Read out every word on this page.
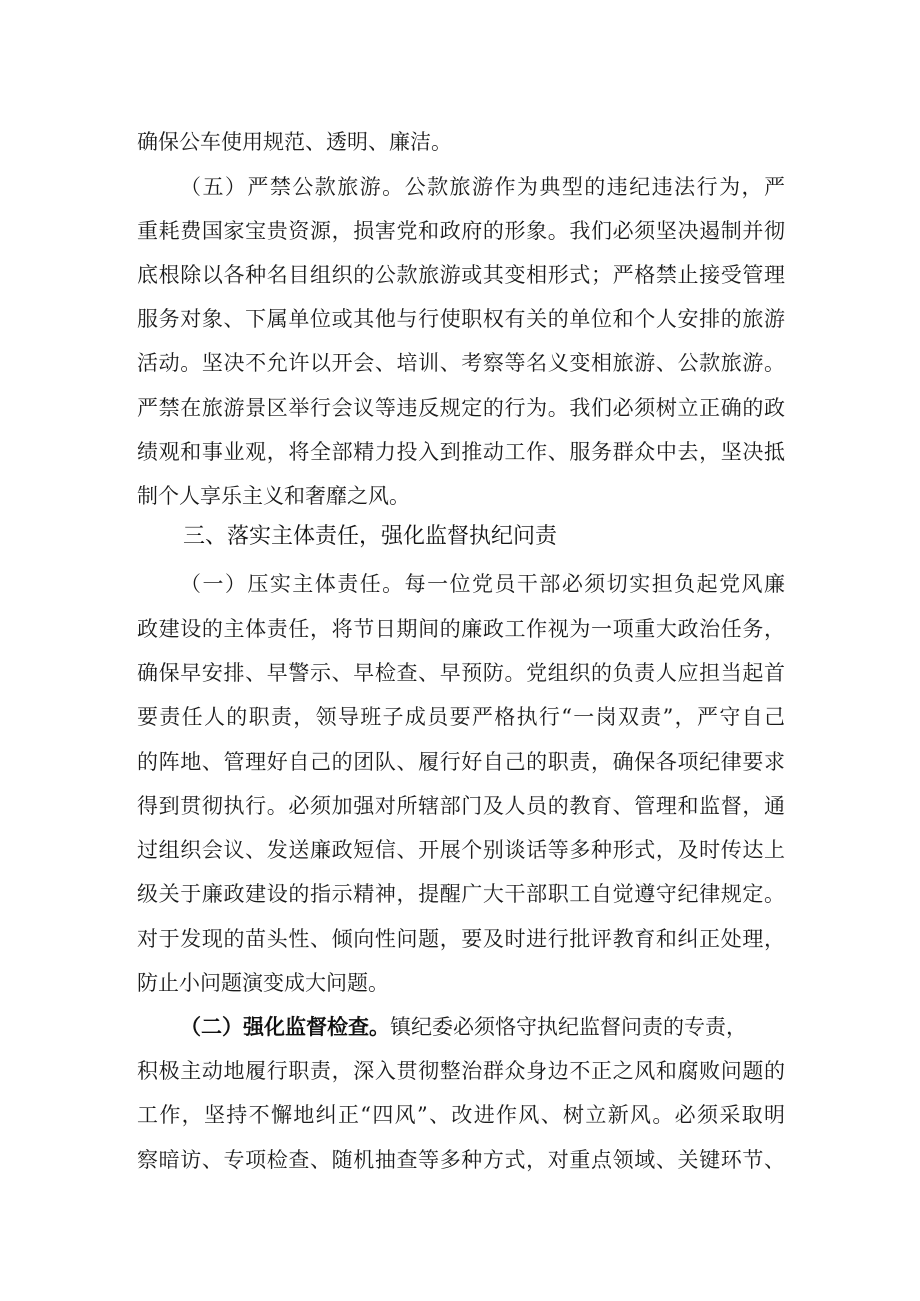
确保公车使用规范、透明、廉洁。
（五）严禁公款旅游。公款旅游作为典型的违纪违法行为，严
重耗费国家宝贵资源，损害党和政府的形象。我们必须坚决遏制并彻
底根除以各种名目组织的公款旅游或其变相形式；严格禁止接受管理
服务对象、下属单位或其他与行使职权有关的单位和个人安排的旅游
活动。坚决不允许以开会、培训、考察等名义变相旅游、公款旅游。
严禁在旅游景区举行会议等违反规定的行为。我们必须树立正确的政
绩观和事业观，将全部精力投入到推动工作、服务群众中去，坚决抵
制个人享乐主义和奢靡之风。
三、落实主体责任，强化监督执纪问责
（一）压实主体责任。每一位党员干部必须切实担负起党风廉
政建设的主体责任，将节日期间的廉政工作视为一项重大政治任务，
确保早安排、早警示、早检查、早预防。党组织的负责人应担当起首
要责任人的职责，领导班子成员要严格执行“一岗双责”，严守自己
的阵地、管理好自己的团队、履行好自己的职责，确保各项纪律要求
得到贯彻执行。必须加强对所辖部门及人员的教育、管理和监督，通
过组织会议、发送廉政短信、开展个别谈话等多种形式，及时传达上
级关于廉政建设的指示精神，提醒广大干部职工自觉遵守纪律规定。
对于发现的苗头性、倾向性问题，要及时进行批评教育和纠正处理，
防止小问题演变成大问题。
（二）强化监督检查。镇纪委必须恪守执纪监督问责的专责，
积极主动地履行职责，深入贯彻整治群众身边不正之风和腐败问题的
工作，坚持不懈地纠正“四风”、改进作风、树立新风。必须采取明
察暗访、专项检查、随机抽查等多种方式，对重点领域、关键环节、
